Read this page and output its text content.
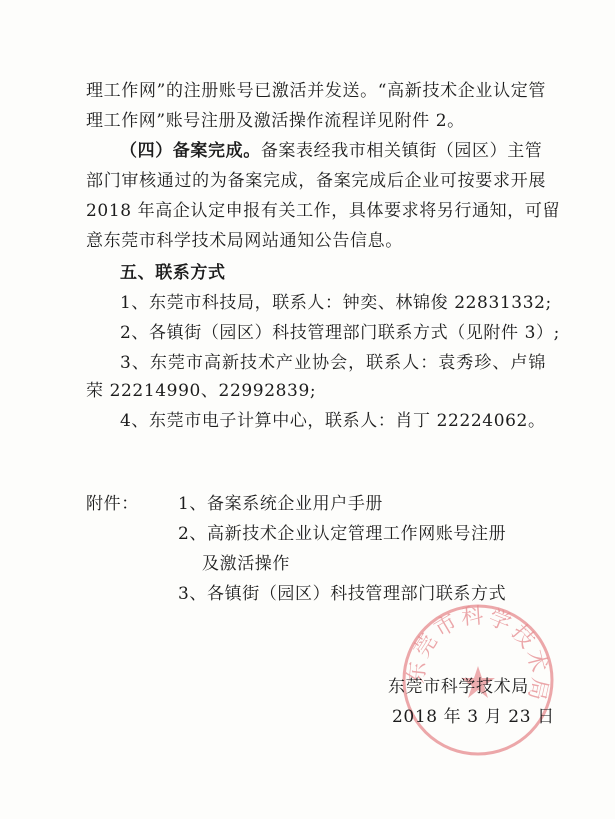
理工作网”的注册账号已激活并发送。“高新技术企业认定管
理工作网”账号注册及激活操作流程详见附件 2。
（四）备案完成。备案表经我市相关镇街（园区）主管
部门审核通过的为备案完成，备案完成后企业可按要求开展
2018 年高企认定申报有关工作，具体要求将另行通知，可留
意东莞市科学技术局网站通知公告信息。
五、联系方式
1、东莞市科技局，联系人：钟奕、林锦俊 22831332;
2、各镇街（园区）科技管理部门联系方式（见附件 3）;
3、东莞市高新技术产业协会，联系人：袁秀珍、卢锦
荣 22214990、22992839;
4、东莞市电子计算中心，联系人：肖丁 22224062。
附件：	1、备案系统企业用户手册
2、高新技术企业认定管理工作网账号注册
及激活操作
3、各镇街（园区）科技管理部门联系方式
东莞市科学技术局
东莞市科学技术局
2018 年 3 月 23 日
